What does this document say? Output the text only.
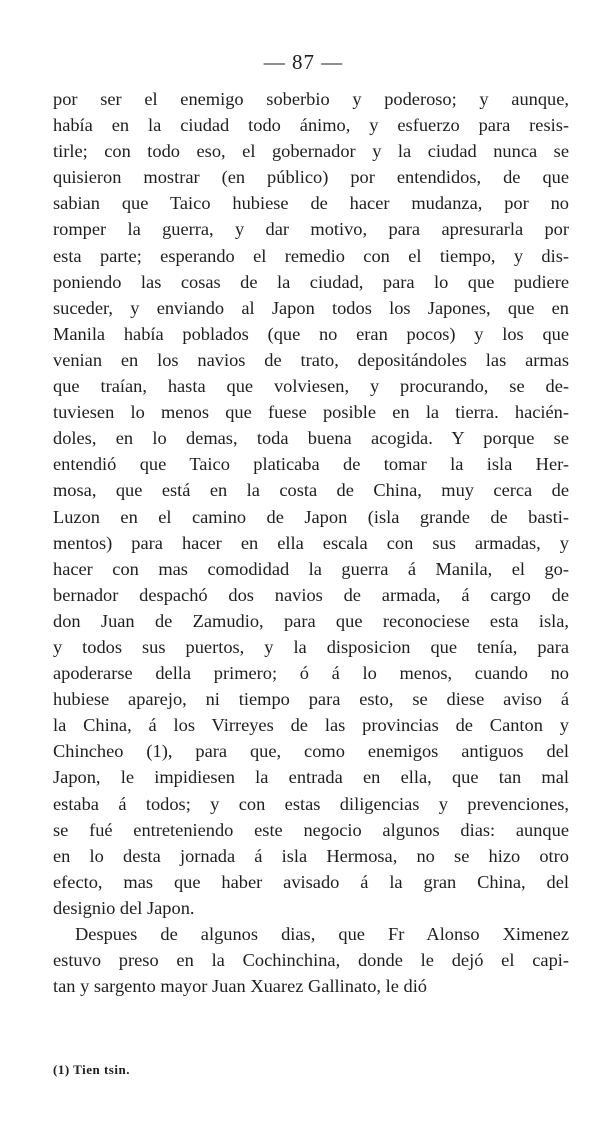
— 87 —
por ser el enemigo soberbio y poderoso; y aunque,
había en la ciudad todo ánimo, y esfuerzo para resis-
tirle; con todo eso, el gobernador y la ciudad nunca se
quisieron mostrar (en público) por entendidos, de que
sabian que Taico hubiese de hacer mudanza, por no
romper la guerra, y dar motivo, para apresurarla por
esta parte; esperando el remedio con el tiempo, y dis-
poniendo las cosas de la ciudad, para lo que pudiere
suceder, y enviando al Japon todos los Japones, que en
Manila había poblados (que no eran pocos) y los que
venian en los navios de trato, depositándoles las armas
que traían, hasta que volviesen, y procurando, se de-
tuviesen lo menos que fuese posible en la tierra. hacién-
doles, en lo demas, toda buena acogida. Y porque se
entendió que Taico platicaba de tomar la isla Her-
mosa, que está en la costa de China, muy cerca de
Luzon en el camino de Japon (isla grande de basti-
mentos) para hacer en ella escala con sus armadas, y
hacer con mas comodidad la guerra á Manila, el go-
bernador despachó dos navios de armada, á cargo de
don Juan de Zamudio, para que reconociese esta isla,
y todos sus puertos, y la disposicion que tenía, para
apoderarse della primero; ó á lo menos, cuando no
hubiese aparejo, ni tiempo para esto, se diese aviso á
la China, á los Virreyes de las provincias de Canton y
Chincheo (1), para que, como enemigos antiguos del
Japon, le impidiesen la entrada en ella, que tan mal
estaba á todos; y con estas diligencias y prevenciones,
se fué entreteniendo este negocio algunos dias: aunque
en lo desta jornada á isla Hermosa, no se hizo otro
efecto, mas que haber avisado á la gran China, del
designio del Japon.
Despues de algunos dias, que Fr Alonso Ximenez
estuvo preso en la Cochinchina, donde le dejó el capi-
tan y sargento mayor Juan Xuarez Gallinato, le dió
(1) Tien tsin.
